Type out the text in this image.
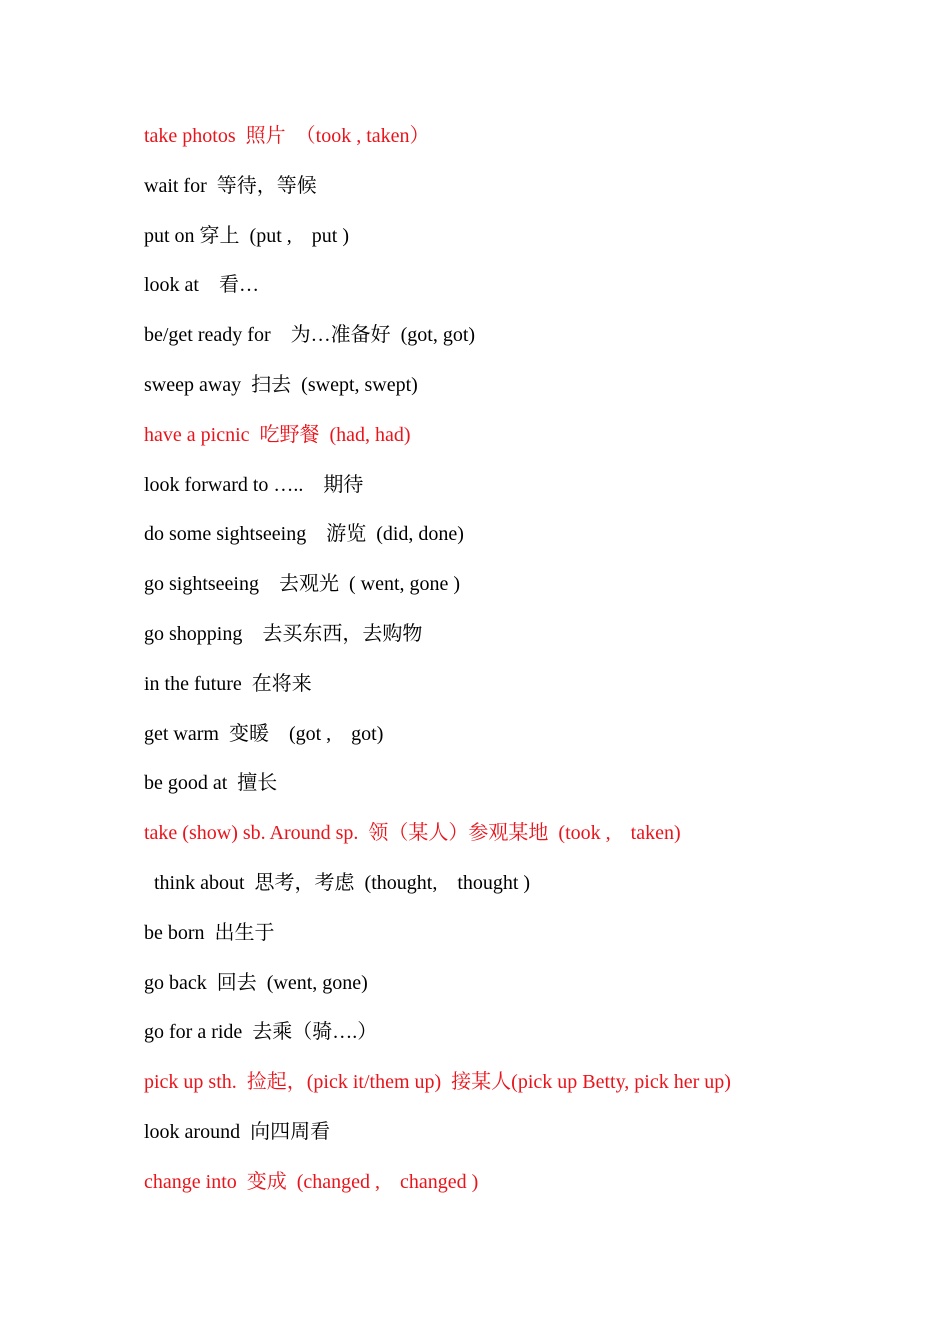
take photos  照片  （took , taken）
wait for  等待，等候
put on 穿上  (put ,    put )
look at    看…
be/get ready for    为…准备好  (got, got)
sweep away  扫去  (swept, swept)
have a picnic  吃野餐  (had, had)
look forward to …..    期待
do some sightseeing    游览  (did, done)
go sightseeing    去观光  ( went, gone )
go shopping    去买东西，去购物
in the future  在将来
get warm  变暖    (got ,    got)
be good at  擅长
take (show) sb. Around sp.  领（某人）参观某地  (took ,    taken)
think about  思考，考虑  (thought,    thought )
be born  出生于
go back  回去  (went, gone)
go for a ride  去乘（骑….）
pick up sth.  捡起，(pick it/them up)  接某人(pick up Betty, pick her up)
look around  向四周看
change into  变成  (changed ,    changed )
